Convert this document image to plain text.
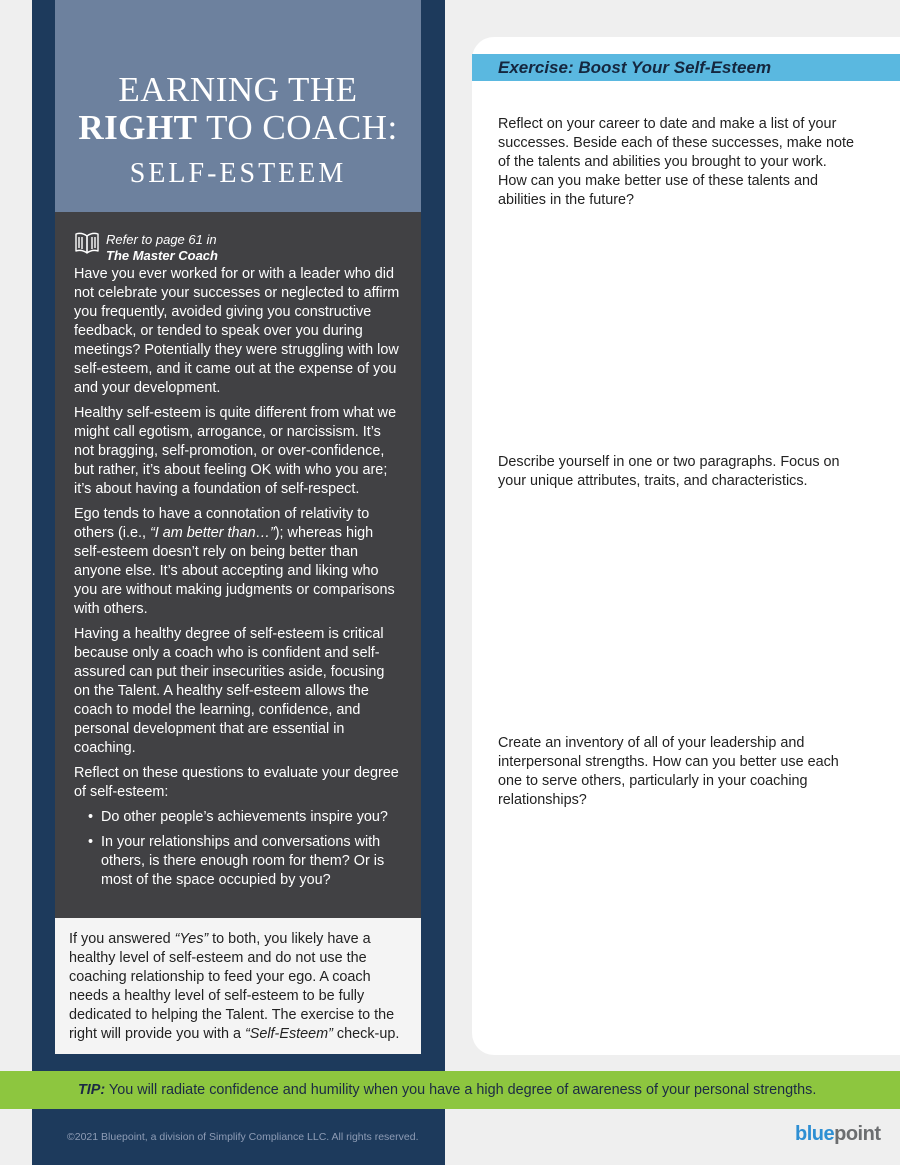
EARNING THE
RIGHT TO COACH:
SELF-ESTEEM
Refer to page 61 in
The Master Coach

Have you ever worked for or with a leader who did not celebrate your successes or neglected to affirm you frequently, avoided giving you constructive feedback, or tended to speak over you during meetings? Potentially they were struggling with low self-esteem, and it came out at the expense of you and your development.

Healthy self-esteem is quite different from what we might call egotism, arrogance, or narcissism. It’s not bragging, self-promotion, or over-confidence, but rather, it’s about feeling OK with who you are; it’s about having a foundation of self-respect.

Ego tends to have a connotation of relativity to others (i.e., “I am better than…”); whereas high self-esteem doesn’t rely on being better than anyone else. It’s about accepting and liking who you are without making judgments or comparisons with others.

Having a healthy degree of self-esteem is critical because only a coach who is confident and self-assured can put their insecurities aside, focusing on the Talent. A healthy self-esteem allows the coach to model the learning, confidence, and personal development that are essential in coaching.

Reflect on these questions to evaluate your degree of self-esteem:

• Do other people’s achievements inspire you?
• In your relationships and conversations with others, is there enough room for them? Or is most of the space occupied by you?

If you answered “Yes” to both, you likely have a healthy level of self-esteem and do not use the coaching relationship to feed your ego. A coach needs a healthy level of self-esteem to be fully dedicated to helping the Talent. The exercise to the right will provide you with a “Self-Esteem” check-up.

©2021 Bluepoint, a division of Simplify Compliance LLC. All rights reserved.
Exercise: Boost Your Self-Esteem

Reflect on your career to date and make a list of your successes. Beside each of these successes, make note of the talents and abilities you brought to your work. How can you make better use of these talents and abilities in the future?

Describe yourself in one or two paragraphs. Focus on your unique attributes, traits, and characteristics.

Create an inventory of all of your leadership and interpersonal strengths. How can you better use each one to serve others, particularly in your coaching relationships?

TIP: You will radiate confidence and humility when you have a high degree of awareness of your personal strengths.
bluepoint
